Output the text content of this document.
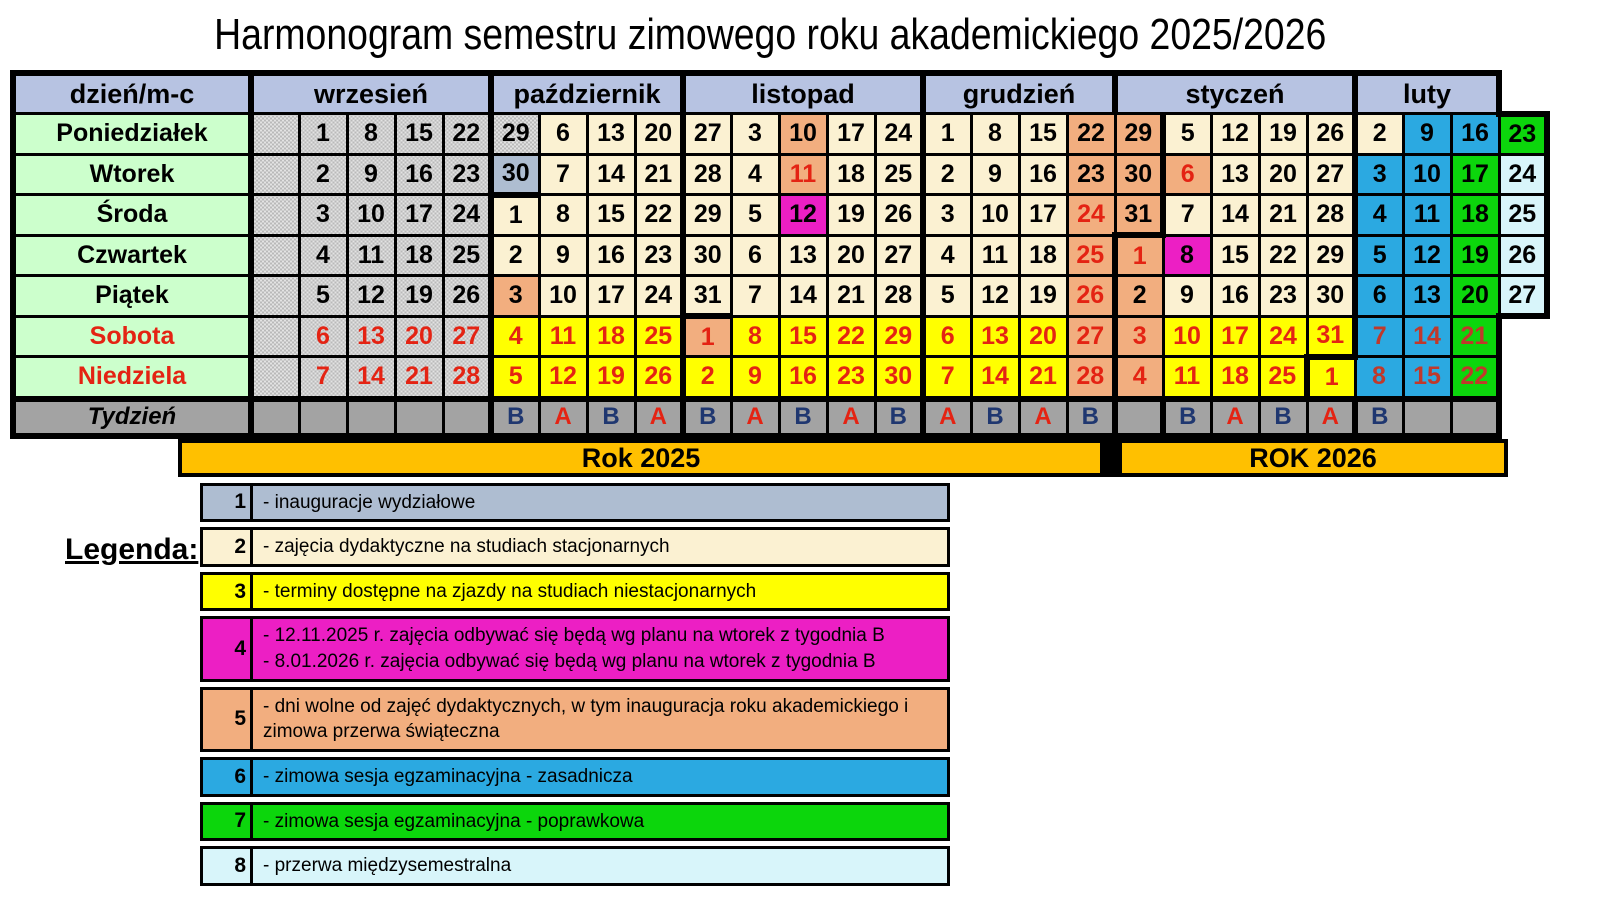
Harmonogram semestru zimowego roku akademickiego 2025/2026
dzień/m-c	wrzesień					październik				listopad					grudzień				styczeń					luty			
Poniedziałek		1	8	15	22	29	6	13	20	27	3	10	17	24	1	8	15	22	29	5	12	19	26	2	9	16	23
Wtorek		2	9	16	23	30	7	14	21	28	4	11	18	25	2	9	16	23	30	6	13	20	27	3	10	17	24
Środa		3	10	17	24	1	8	15	22	29	5	12	19	26	3	10	17	24	31	7	14	21	28	4	11	18	25
Czwartek		4	11	18	25	2	9	16	23	30	6	13	20	27	4	11	18	25	1	8	15	22	29	5	12	19	26
Piątek		5	12	19	26	3	10	17	24	31	7	14	21	28	5	12	19	26	2	9	16	23	30	6	13	20	27
Sobota		6	13	20	27	4	11	18	25	1	8	15	22	29	6	13	20	27	3	10	17	24	31	7	14	21	
Niedziela		7	14	21	28	5	12	19	26	2	9	16	23	30	7	14	21	28	4	11	18	25	1	8	15	22	
Tydzień						B	A	B	A	B	A	B	A	B	A	B	A	B		B	A	B	A	B			
Rok 2025	ROK 2026
Legenda:
1 - inauguracje wydziałowe
2 - zajęcia dydaktyczne na studiach stacjonarnych
3 - terminy dostępne na zjazdy na studiach niestacjonarnych
4
- 12.11.2025 r. zajęcia odbywać się będą wg planu na wtorek z tygodnia B
- 8.01.2026 r. zajęcia odbywać się będą wg planu na wtorek z tygodnia B
5
- dni wolne od zajęć dydaktycznych, w tym inauguracja roku akademickiego i zimowa przerwa świąteczna
6 - zimowa sesja egzaminacyjna - zasadnicza
7 - zimowa sesja egzaminacyjna - poprawkowa
8 - przerwa międzysemestralna
